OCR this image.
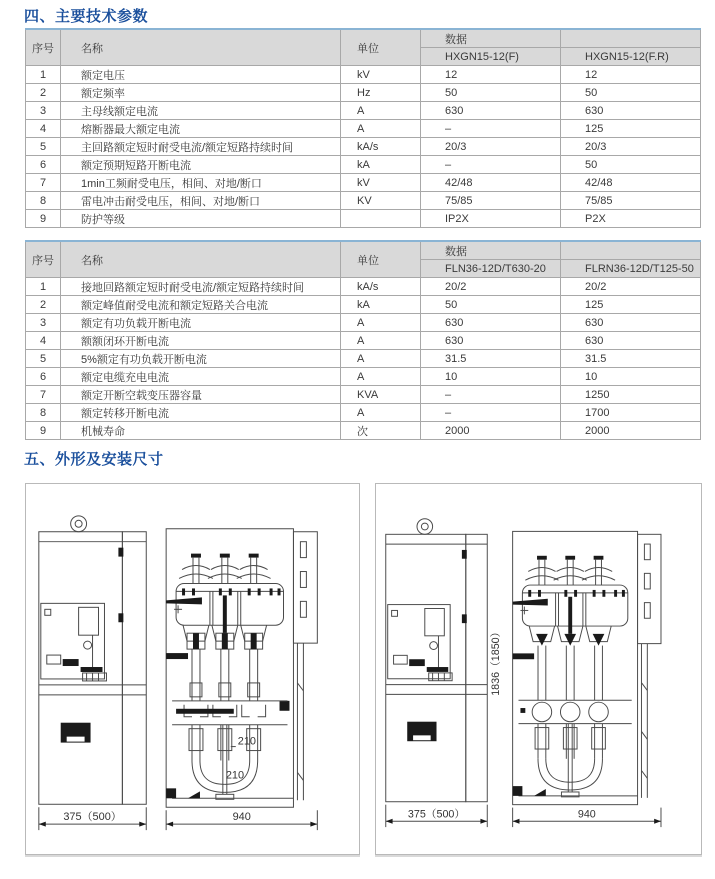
四、主要技术参数
序号	名称	单位	数据	
			HXGN15-12(F)	HXGN15-12(F.R)
1	额定电压	kV	12	12
2	额定频率	Hz	50	50
3	主母线额定电流	A	630	630
4	熔断器最大额定电流	A	–	125
5	主回路额定短时耐受电流/额定短路持续时间	kA/s	20/3	20/3
6	额定预期短路开断电流	kA	–	50
7	1min工频耐受电压，相间、对地/断口	kV	42/48	42/48
8	雷电冲击耐受电压，相间、对地/断口	KV	75/85	75/85
9	防护等级		IP2X	P2X
序号	名称	单位	数据	
			FLN36-12D/T630-20	FLRN36-12D/T125-50
1	接地回路额定短时耐受电流/额定短路持续时间	kA/s	20/2	20/2
2	额定峰值耐受电流和额定短路关合电流	kA	50	125
3	额定有功负载开断电流	A	630	630
4	额额闭环开断电流	A	630	630
5	5%额定有功负载开断电流	A	31.5	31.5
6	额定电缆充电电流	A	10	10
7	额定开断空载变压器容量	KVA	–	1250
8	额定转移开断电流	A	–	1700
9	机械寿命	次	2000	2000
五、外形及安装尺寸
375（500）
210
210
940
1836（1850）
375（500）	940
